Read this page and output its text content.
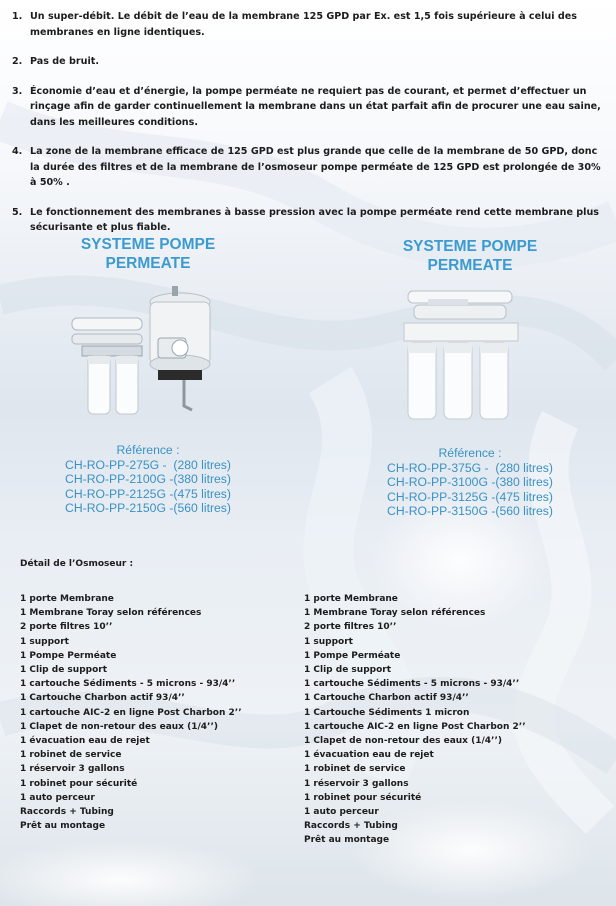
1. Un super-débit. Le débit de l’eau de la membrane 125 GPD par Ex. est 1,5 fois supérieure à celui des membranes en ligne identiques.
2. Pas de bruit.
3. Économie d’eau et d’énergie, la pompe perméate ne requiert pas de courant, et permet d’effectuer un rinçage afin de garder continuellement la membrane dans un état parfait afin de procurer une eau saine, dans les meilleures conditions.
4. La zone de la membrane efficace de 125 GPD est plus grande que celle de la membrane de 50 GPD, donc la durée des filtres et de la membrane de l’osmoseur pompe perméate de 125 GPD est prolongée de 30% à 50% .
5. Le fonctionnement des membranes à basse pression avec la pompe perméate rend cette membrane plus sécurisante et plus fiable.
SYSTEME POMPE
PERMEATE
Référence :
CH-RO-PP-275G -  (280 litres)
CH-RO-PP-2100G -(380 litres)
CH-RO-PP-2125G -(475 litres)
CH-RO-PP-2150G -(560 litres)
SYSTEME POMPE
PERMEATE
Référence :
CH-RO-PP-375G -  (280 litres)
CH-RO-PP-3100G -(380 litres)
CH-RO-PP-3125G -(475 litres)
CH-RO-PP-3150G -(560 litres)
Détail de l’Osmoseur :
1 porte Membrane
1 Membrane Toray selon références
2 porte filtres 10’’
1 support
1 Pompe Perméate
1 Clip de support
1 cartouche Sédiments - 5 microns - 93/4’’
1 Cartouche Charbon actif 93/4’’
1 cartouche AIC-2 en ligne Post Charbon 2’’
1 Clapet de non-retour des eaux (1/4’’)
1 évacuation eau de rejet
1 robinet de service
1 réservoir 3 gallons
1 robinet pour sécurité
1 auto perceur
Raccords + Tubing
Prêt au montage
1 porte Membrane
1 Membrane Toray selon références
2 porte filtres 10’’
1 support
1 Pompe Perméate
1 Clip de support
1 cartouche Sédiments - 5 microns - 93/4’’
1 Cartouche Charbon actif 93/4’’
1 Cartouche Sédiments 1 micron
1 cartouche AIC-2 en ligne Post Charbon 2’’
1 Clapet de non-retour des eaux (1/4’’)
1 évacuation eau de rejet
1 robinet de service
1 réservoir 3 gallons
1 robinet pour sécurité
1 auto perceur
Raccords + Tubing
Prêt au montage
